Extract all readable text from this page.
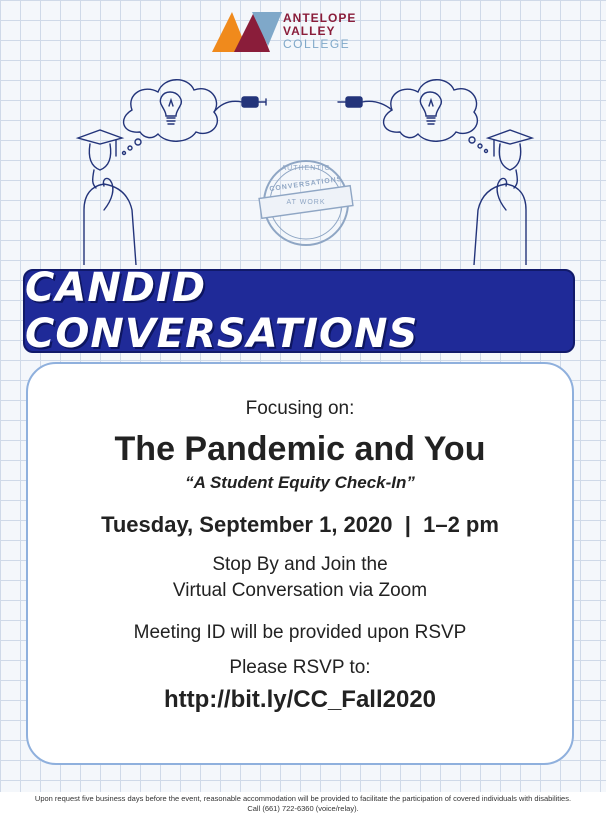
ANTELOPE
VALLEY
COLLEGE
AUTHENTIC
CONVERSATIONS
AT WORK
CANDID CONVERSATIONS
Focusing on:
The Pandemic and You
“A Student Equity Check-In”
Tuesday, September 1, 2020  |  1–2 pm
Stop By and Join the
Virtual Conversation via Zoom
Meeting ID will be provided upon RSVP
Please RSVP to:
http://bit.ly/CC_Fall2020
Upon request five business days before the event, reasonable accommodation will be provided to facilitate the participation of covered individuals with disabilities.
Call (661) 722-6360 (voice/relay).
